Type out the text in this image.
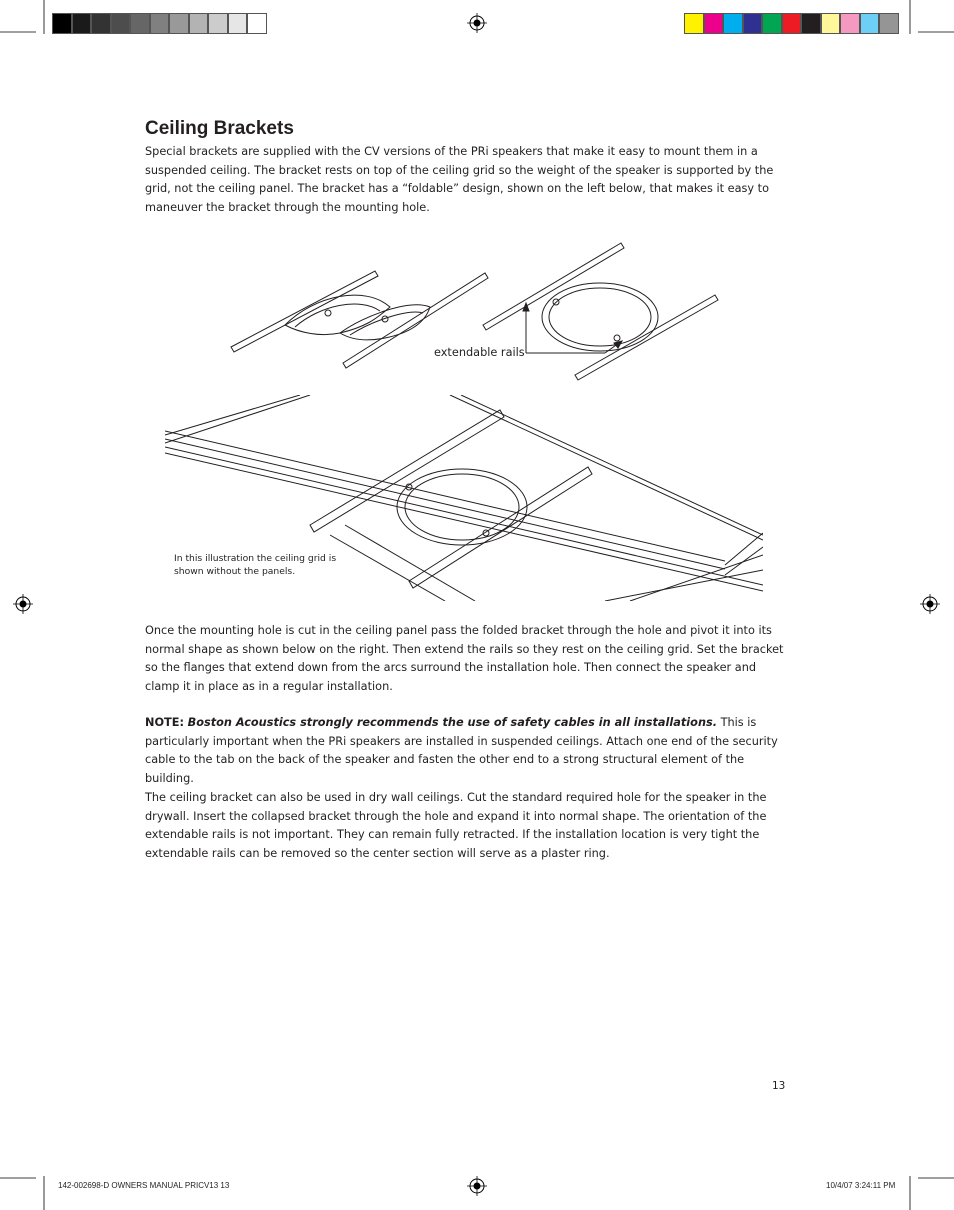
Ceiling Brackets

Special brackets are supplied with the CV versions of the PRi speakers that make it easy to mount them in a suspended ceiling. The bracket rests on top of the ceiling grid so the weight of the speaker is supported by the grid, not the ceiling panel. The bracket has a “foldable” design, shown on the left below, that makes it easy to maneuver the bracket through the mounting hole.

extendable rails
In this illustration the ceiling grid is
shown without the panels.

Once the mounting hole is cut in the ceiling panel pass the folded bracket through the hole and pivot it into its normal shape as shown below on the right. Then extend the rails so they rest on the ceiling grid. Set the bracket so the flanges that extend down from the arcs surround the installation hole. Then connect the speaker and clamp it in place as in a regular installation.

NOTE: Boston Acoustics strongly recommends the use of safety cables in all installations. This is particularly important when the PRi speakers are installed in suspended ceilings. Attach one end of the security cable to the tab on the back of the speaker and fasten the other end to a strong structural element of the building.

The ceiling bracket can also be used in dry wall ceilings. Cut the standard required hole for the speaker in the drywall. Insert the collapsed bracket through the hole and expand it into normal shape. The orientation of the extendable rails is not important. They can remain fully retracted. If the installation location is very tight the extendable rails can be removed so the center section will serve as a plaster ring.

13
142-002698-D OWNERS MANUAL PRICV13 13	10/4/07 3:24:11 PM
